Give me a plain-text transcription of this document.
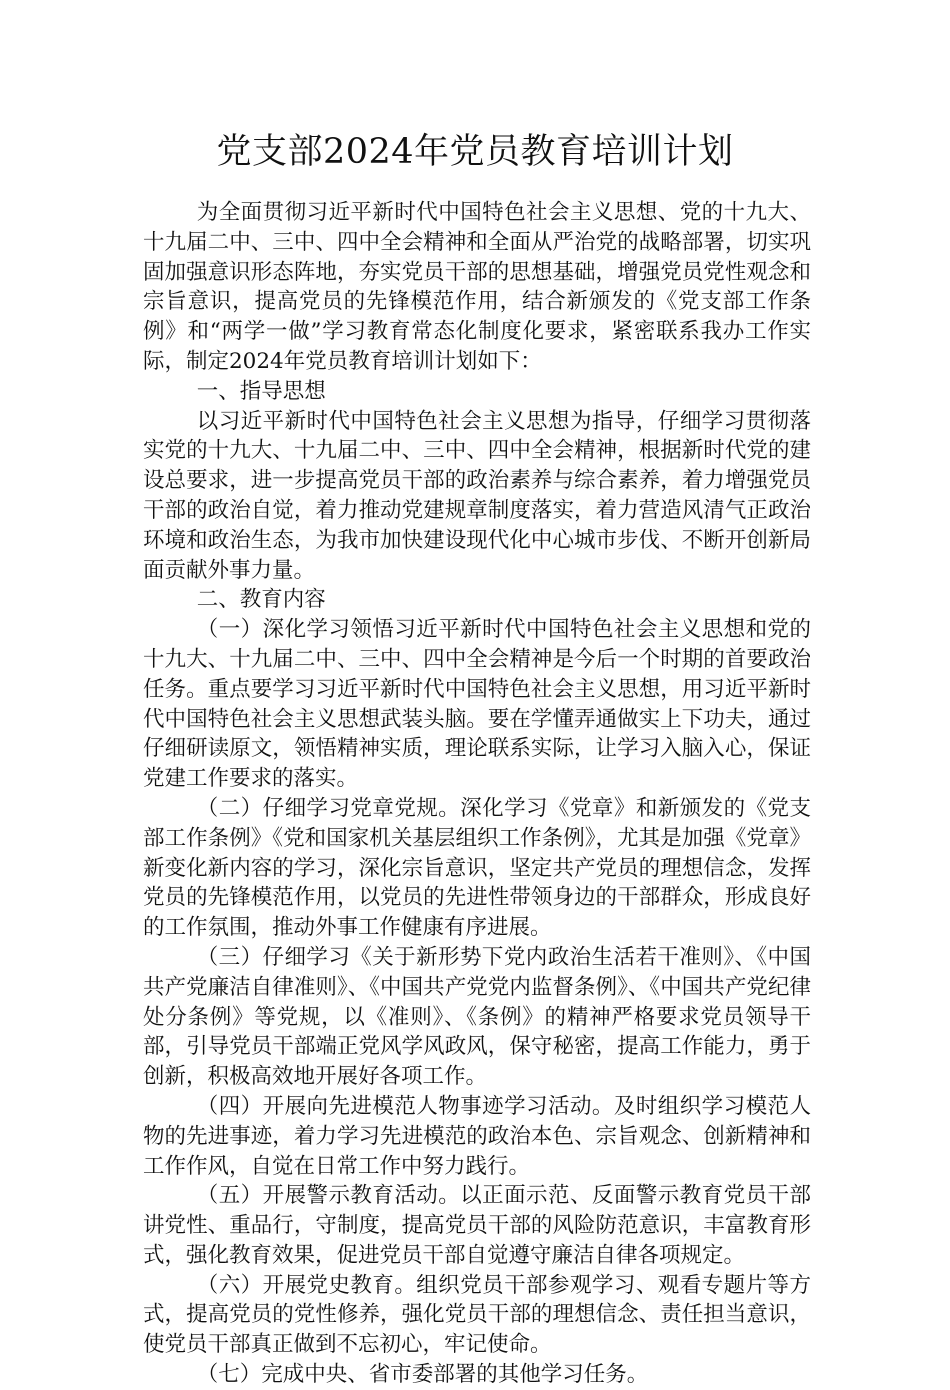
党支部2024年党员教育培训计划

为全面贯彻习近平新时代中国特色社会主义思想、党的十九大、十九届二中、三中、四中全会精神和全面从严治党的战略部署，切实巩固加强意识形态阵地，夯实党员干部的思想基础，增强党员党性观念和宗旨意识，提高党员的先锋模范作用，结合新颁发的《党支部工作条例》和“两学一做”学习教育常态化制度化要求，紧密联系我办工作实际，制定2024年党员教育培训计划如下：

一、指导思想

以习近平新时代中国特色社会主义思想为指导，仔细学习贯彻落实党的十九大、十九届二中、三中、四中全会精神，根据新时代党的建设总要求，进一步提高党员干部的政治素养与综合素养，着力增强党员干部的政治自觉，着力推动党建规章制度落实，着力营造风清气正政治环境和政治生态，为我市加快建设现代化中心城市步伐、不断开创新局面贡献外事力量。

二、教育内容

（一）深化学习领悟习近平新时代中国特色社会主义思想和党的十九大、十九届二中、三中、四中全会精神是今后一个时期的首要政治任务。重点要学习习近平新时代中国特色社会主义思想，用习近平新时代中国特色社会主义思想武装头脑。要在学懂弄通做实上下功夫，通过仔细研读原文，领悟精神实质，理论联系实际，让学习入脑入心，保证党建工作要求的落实。

（二）仔细学习党章党规。深化学习《党章》和新颁发的《党支部工作条例》《党和国家机关基层组织工作条例》，尤其是加强《党章》新变化新内容的学习，深化宗旨意识，坚定共产党员的理想信念，发挥党员的先锋模范作用，以党员的先进性带领身边的干部群众，形成良好的工作氛围，推动外事工作健康有序进展。

（三）仔细学习《关于新形势下党内政治生活若干准则》、《中国共产党廉洁自律准则》、《中国共产党党内监督条例》、《中国共产党纪律处分条例》等党规，以《准则》、《条例》的精神严格要求党员领导干部，引导党员干部端正党风学风政风，保守秘密，提高工作能力，勇于创新，积极高效地开展好各项工作。

（四）开展向先进模范人物事迹学习活动。及时组织学习模范人物的先进事迹，着力学习先进模范的政治本色、宗旨观念、创新精神和工作作风，自觉在日常工作中努力践行。

（五）开展警示教育活动。以正面示范、反面警示教育党员干部讲党性、重品行，守制度，提高党员干部的风险防范意识，丰富教育形式，强化教育效果，促进党员干部自觉遵守廉洁自律各项规定。

（六）开展党史教育。组织党员干部参观学习、观看专题片等方式，提高党员的党性修养，强化党员干部的理想信念、责任担当意识，使党员干部真正做到不忘初心，牢记使命。

（七）完成中央、省市委部署的其他学习任务。
